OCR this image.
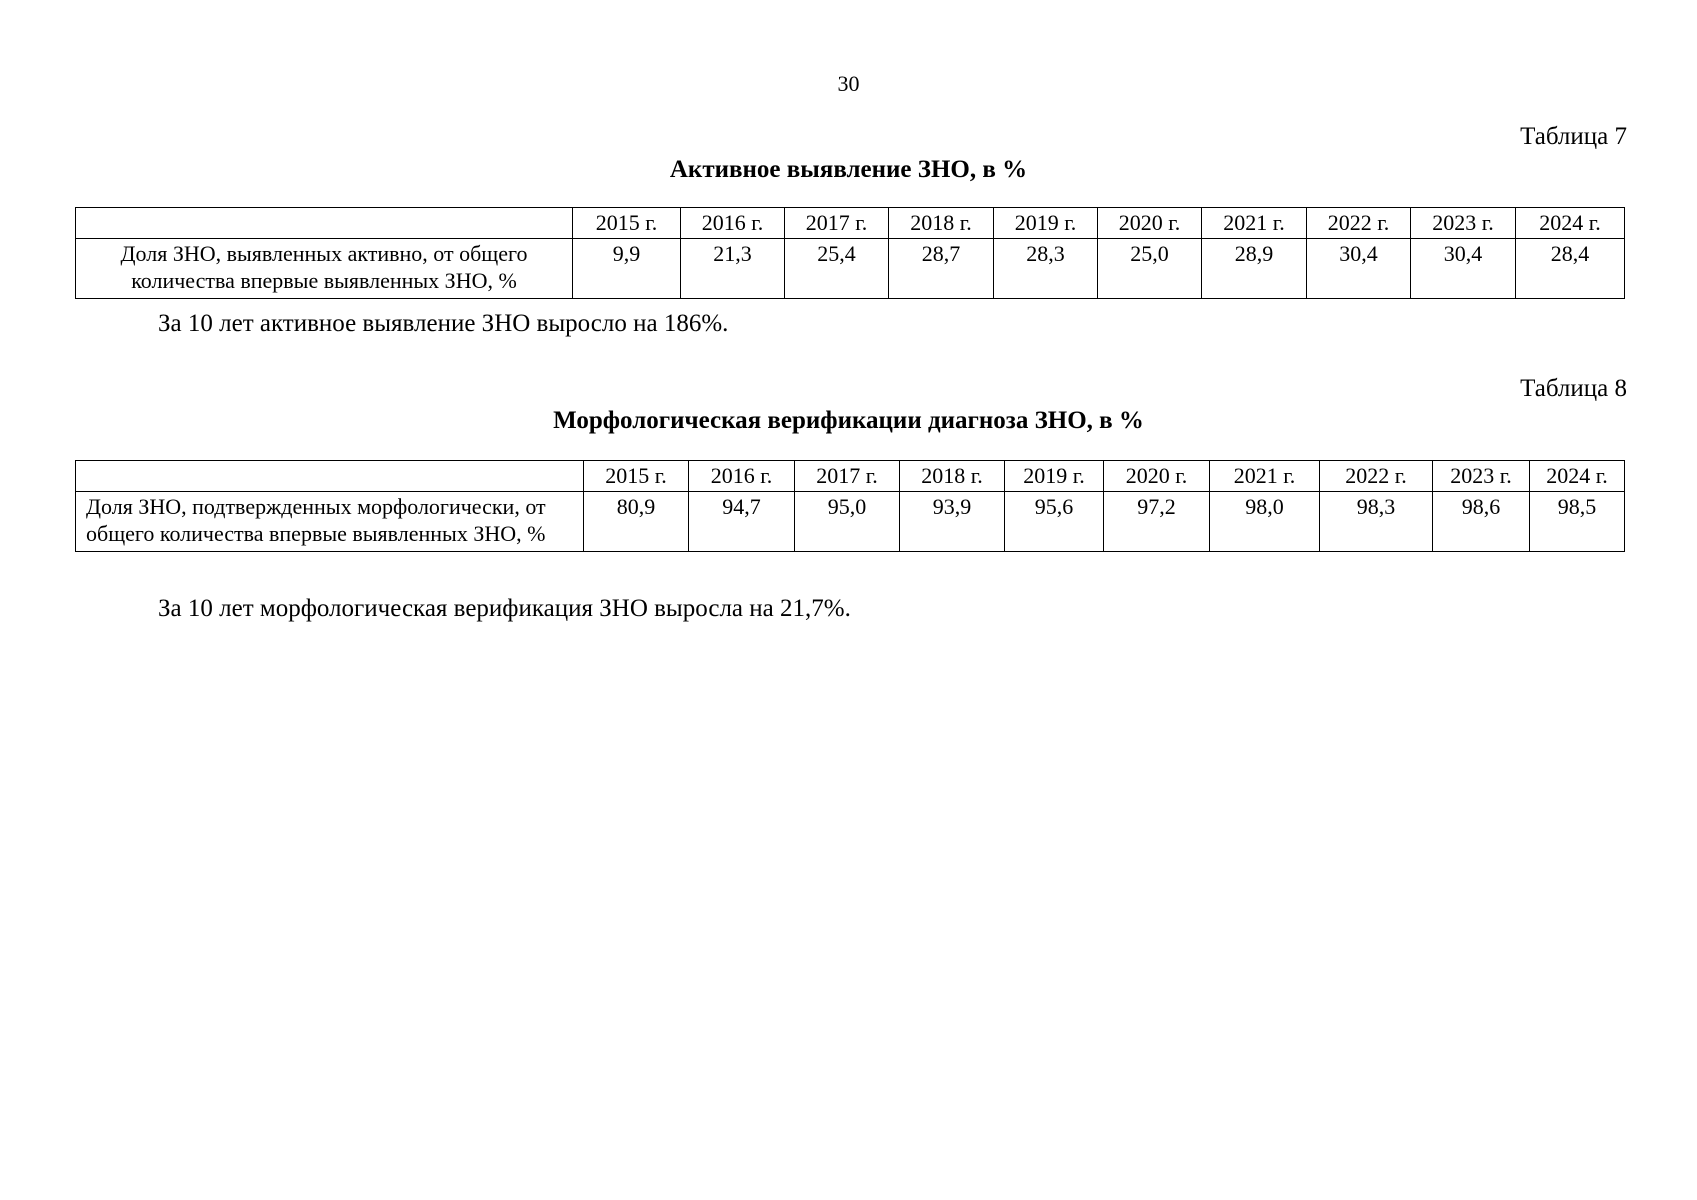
30
Таблица 7
Активное выявление ЗНО, в %
	2015 г.	2016 г.	2017 г.	2018 г.	2019 г.	2020 г.	2021 г.	2022 г.	2023 г.	2024 г.
Доля ЗНО, выявленных активно, от общего количества впервые выявленных ЗНО, %	9,9	21,3	25,4	28,7	28,3	25,0	28,9	30,4	30,4	28,4
За 10 лет активное выявление ЗНО выросло на 186%.
Таблица 8
Морфологическая верификации диагноза ЗНО, в %
	2015 г.	2016 г.	2017 г.	2018 г.	2019 г.	2020 г.	2021 г.	2022 г.	2023 г.	2024 г.
Доля ЗНО, подтвержденных морфологически, от общего количества впервые выявленных ЗНО, %	80,9	94,7	95,0	93,9	95,6	97,2	98,0	98,3	98,6	98,5
За 10 лет морфологическая верификация ЗНО выросла на 21,7%.
